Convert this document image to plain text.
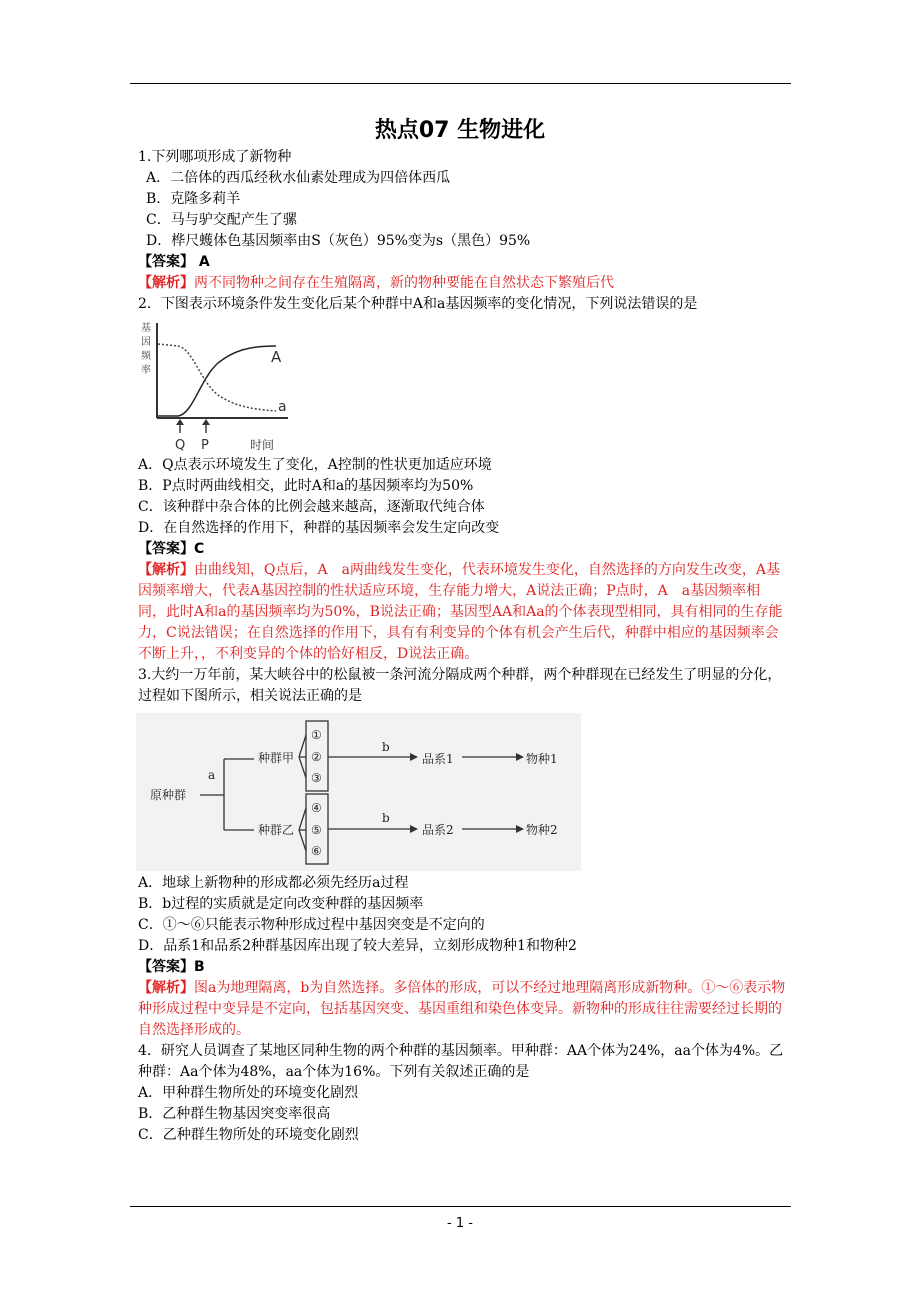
热点07 生物进化
1.下列哪项形成了新物种
A．二倍体的西瓜经秋水仙素处理成为四倍体西瓜
B．克隆多莉羊
C．马与驴交配产生了骡
D．桦尺蠖体色基因频率由S（灰色）95%变为s（黑色）95%
【答案】 A
【解析】两不同物种之间存在生殖隔离，新的物种要能在自然状态下繁殖后代
2．下图表示环境条件发生变化后某个种群中A和a基因频率的变化情况，下列说法错误的是
基
因
频
率
A
a
Q P	时间
A．Q点表示环境发生了变化，A控制的性状更加适应环境
B．P点时两曲线相交，此时A和a的基因频率均为50%
C．该种群中杂合体的比例会越来越高，逐渐取代纯合体
D．在自然选择的作用下，种群的基因频率会发生定向改变
【答案】C
【解析】由曲线知，Q点后，A　a两曲线发生变化，代表环境发生变化，自然选择的方向发生改变，A基因频率增大，代表A基因控制的性状适应环境，生存能力增大，A说法正确；P点时，A　a基因频率相同，此时A和a的基因频率均为50%，B说法正确；基因型AA和Aa的个体表现型相同，具有相同的生存能力，C说法错误；在自然选择的作用下，具有有利变异的个体有机会产生后代，种群中相应的基因频率会不断上升，，不利变异的个体的恰好相反，D说法正确。
3.大约一万年前，某大峡谷中的松鼠被一条河流分隔成两个种群，两个种群现在已经发生了明显的分化，过程如下图所示，相关说法正确的是
原种群
a
种群甲
种群乙
①
②
③
④
⑤
⑥
b
b
品系1
品系2
物种1
物种2
A．地球上新物种的形成都必须先经历a过程
B．b过程的实质就是定向改变种群的基因频率
C．①～⑥只能表示物种形成过程中基因突变是不定向的
D．品系1和品系2种群基因库出现了较大差异，立刻形成物种1和物种2
【答案】B
【解析】图a为地理隔离，b为自然选择。多倍体的形成，可以不经过地理隔离形成新物种。①～⑥表示物种形成过程中变异是不定向，包括基因突变、基因重组和染色体变异。新物种的形成往往需要经过长期的自然选择形成的。
4．研究人员调查了某地区同种生物的两个种群的基因频率。甲种群：AA个体为24%，aa个体为4%。乙种群：Aa个体为48%，aa个体为16%。下列有关叙述正确的是
A．甲种群生物所处的环境变化剧烈
B．乙种群生物基因突变率很高
C．乙种群生物所处的环境变化剧烈
- 1 -
